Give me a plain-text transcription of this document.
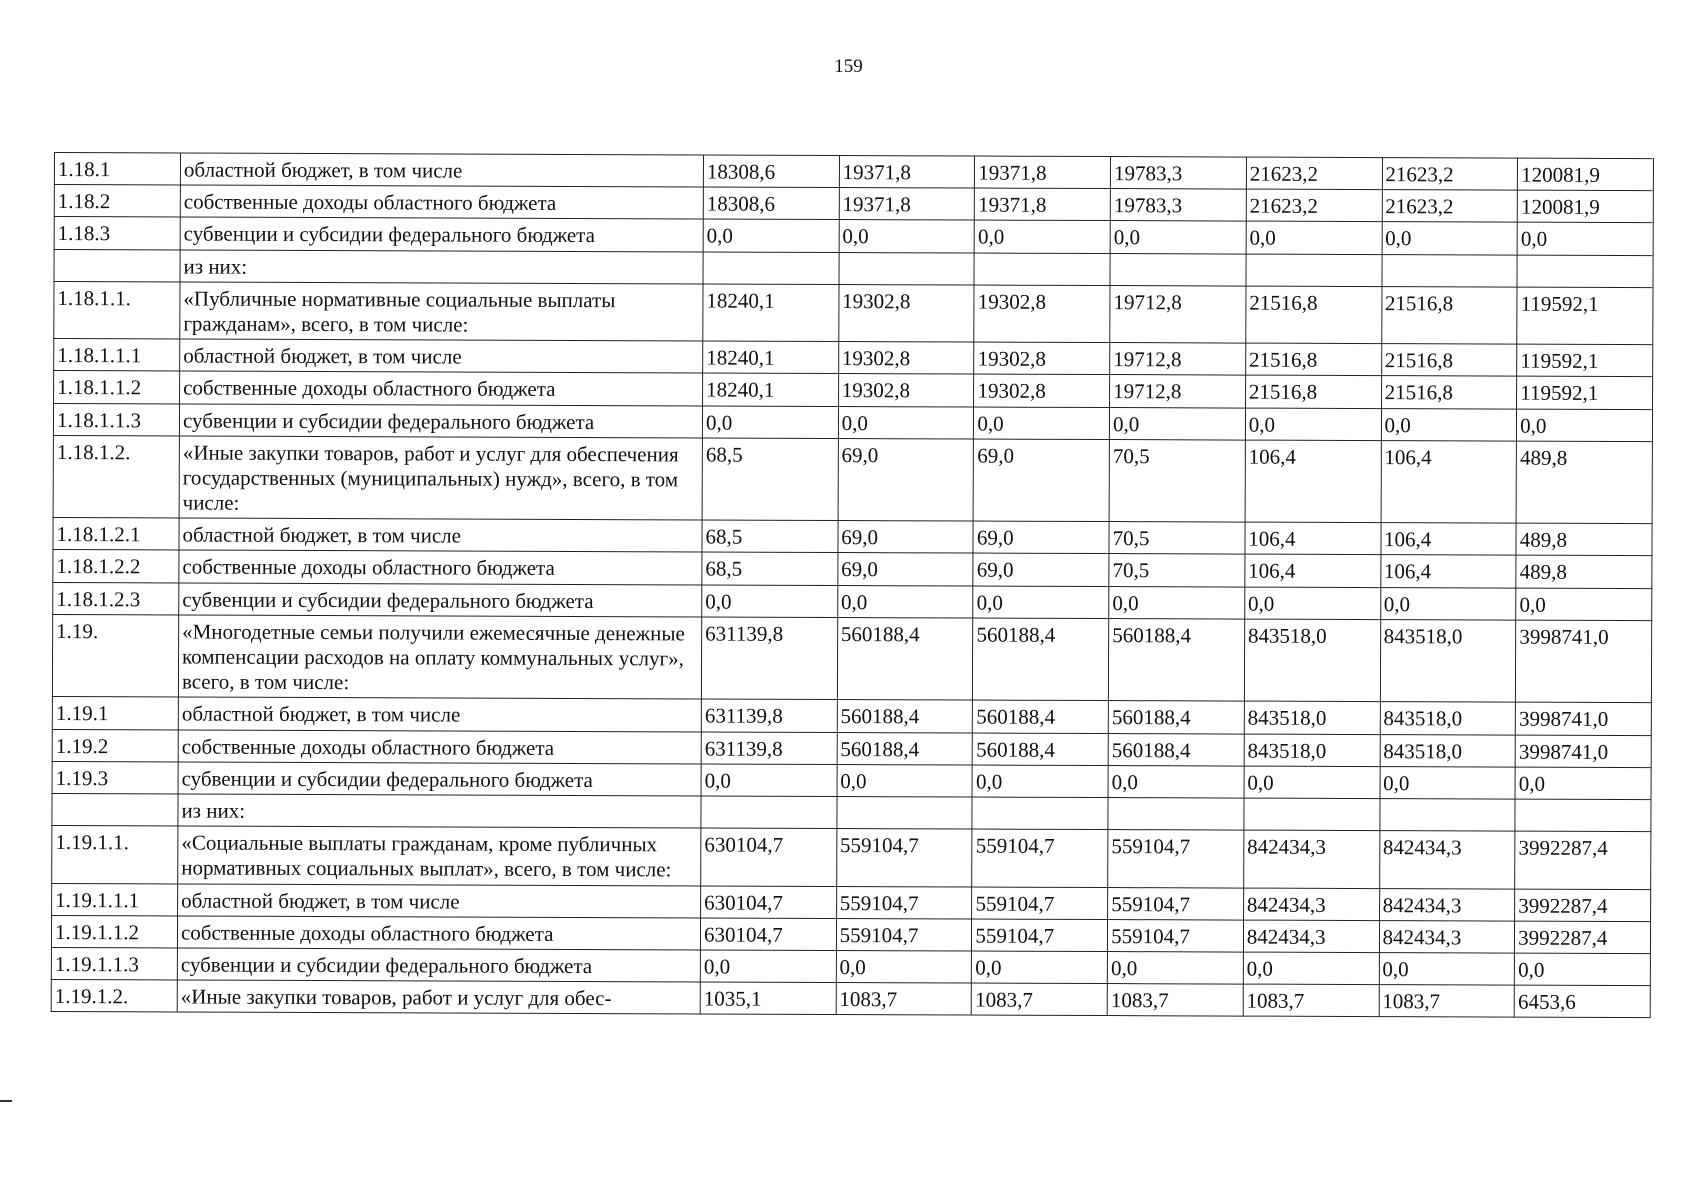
159
1.18.1	областной бюджет, в том числе	18308,6	19371,8	19371,8	19783,3	21623,2	21623,2	120081,9
1.18.2	собственные доходы областного бюджета	18308,6	19371,8	19371,8	19783,3	21623,2	21623,2	120081,9
1.18.3	субвенции и субсидии федерального бюджета	0,0	0,0	0,0	0,0	0,0	0,0	0,0
	из них:							
1.18.1.1.	«Публичные нормативные социальные выплаты гражданам», всего, в том числе:	18240,1	19302,8	19302,8	19712,8	21516,8	21516,8	119592,1
1.18.1.1.1	областной бюджет, в том числе	18240,1	19302,8	19302,8	19712,8	21516,8	21516,8	119592,1
1.18.1.1.2	собственные доходы областного бюджета	18240,1	19302,8	19302,8	19712,8	21516,8	21516,8	119592,1
1.18.1.1.3	субвенции и субсидии федерального бюджета	0,0	0,0	0,0	0,0	0,0	0,0	0,0
1.18.1.2.	«Иные закупки товаров, работ и услуг для обеспечения государственных (муниципальных) нужд», всего, в том числе:	68,5	69,0	69,0	70,5	106,4	106,4	489,8
1.18.1.2.1	областной бюджет, в том числе	68,5	69,0	69,0	70,5	106,4	106,4	489,8
1.18.1.2.2	собственные доходы областного бюджета	68,5	69,0	69,0	70,5	106,4	106,4	489,8
1.18.1.2.3	субвенции и субсидии федерального бюджета	0,0	0,0	0,0	0,0	0,0	0,0	0,0
1.19.	«Многодетные семьи получили ежемесячные денежные компенсации расходов на оплату коммунальных услуг», всего, в том числе:	631139,8	560188,4	560188,4	560188,4	843518,0	843518,0	3998741,0
1.19.1	областной бюджет, в том числе	631139,8	560188,4	560188,4	560188,4	843518,0	843518,0	3998741,0
1.19.2	собственные доходы областного бюджета	631139,8	560188,4	560188,4	560188,4	843518,0	843518,0	3998741,0
1.19.3	субвенции и субсидии федерального бюджета	0,0	0,0	0,0	0,0	0,0	0,0	0,0
	из них:							
1.19.1.1.	«Социальные выплаты гражданам, кроме публичных нормативных социальных выплат», всего, в том числе:	630104,7	559104,7	559104,7	559104,7	842434,3	842434,3	3992287,4
1.19.1.1.1	областной бюджет, в том числе	630104,7	559104,7	559104,7	559104,7	842434,3	842434,3	3992287,4
1.19.1.1.2	собственные доходы областного бюджета	630104,7	559104,7	559104,7	559104,7	842434,3	842434,3	3992287,4
1.19.1.1.3	субвенции и субсидии федерального бюджета	0,0	0,0	0,0	0,0	0,0	0,0	0,0
1.19.1.2.	«Иные закупки товаров, работ и услуг для обес-	1035,1	1083,7	1083,7	1083,7	1083,7	1083,7	6453,6
